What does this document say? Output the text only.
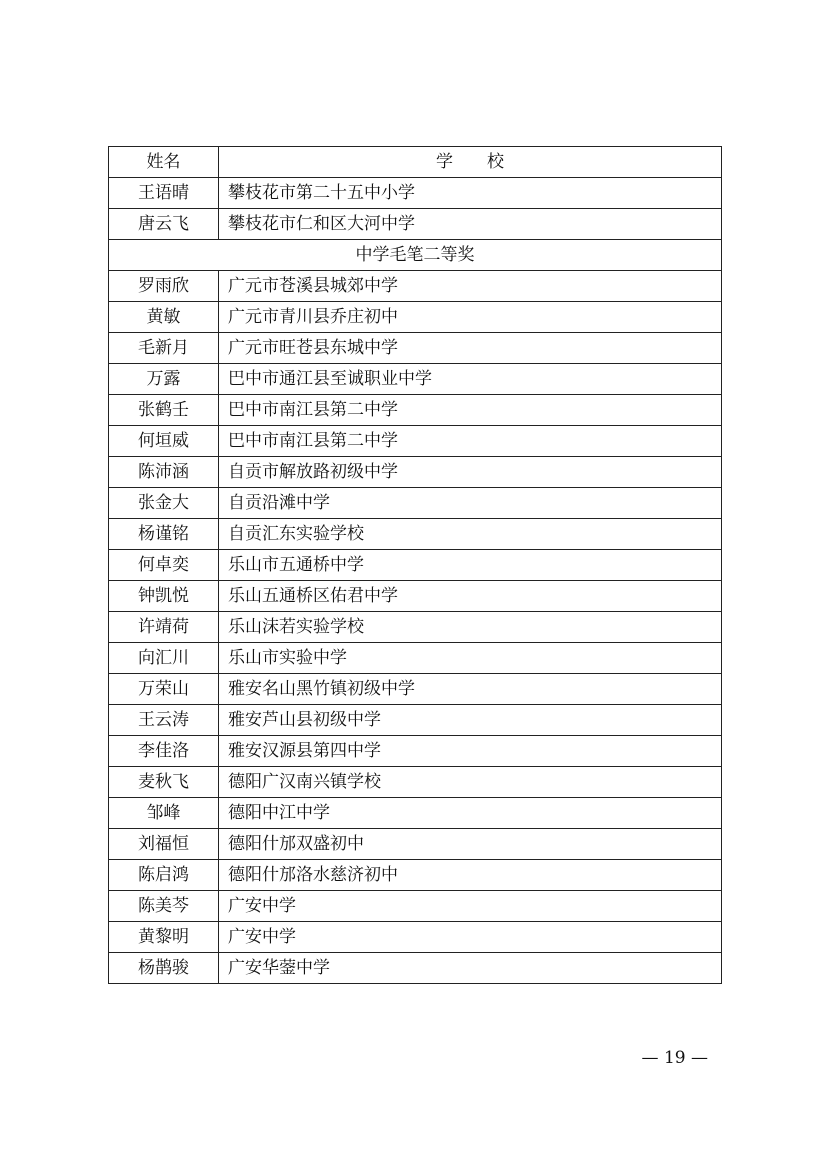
姓名	学　　校
王语晴	攀枝花市第二十五中小学
唐云飞	攀枝花市仁和区大河中学
中学毛笔二等奖	
罗雨欣	广元市苍溪县城郊中学
黄敏	广元市青川县乔庄初中
毛新月	广元市旺苍县东城中学
万露	巴中市通江县至诚职业中学
张鹤壬	巴中市南江县第二中学
何垣威	巴中市南江县第二中学
陈沛涵	自贡市解放路初级中学
张金大	自贡沿滩中学
杨谨铭	自贡汇东实验学校
何卓奕	乐山市五通桥中学
钟凯悦	乐山五通桥区佑君中学
许靖荷	乐山沫若实验学校
向汇川	乐山市实验中学
万荣山	雅安名山黑竹镇初级中学
王云涛	雅安芦山县初级中学
李佳洛	雅安汉源县第四中学
麦秋飞	德阳广汉南兴镇学校
邹峰	德阳中江中学
刘福恒	德阳什邡双盛初中
陈启鸿	德阳什邡洛水慈济初中
陈美芩	广安中学
黄黎明	广安中学
杨鹊骏	广安华蓥中学
— 19 —
